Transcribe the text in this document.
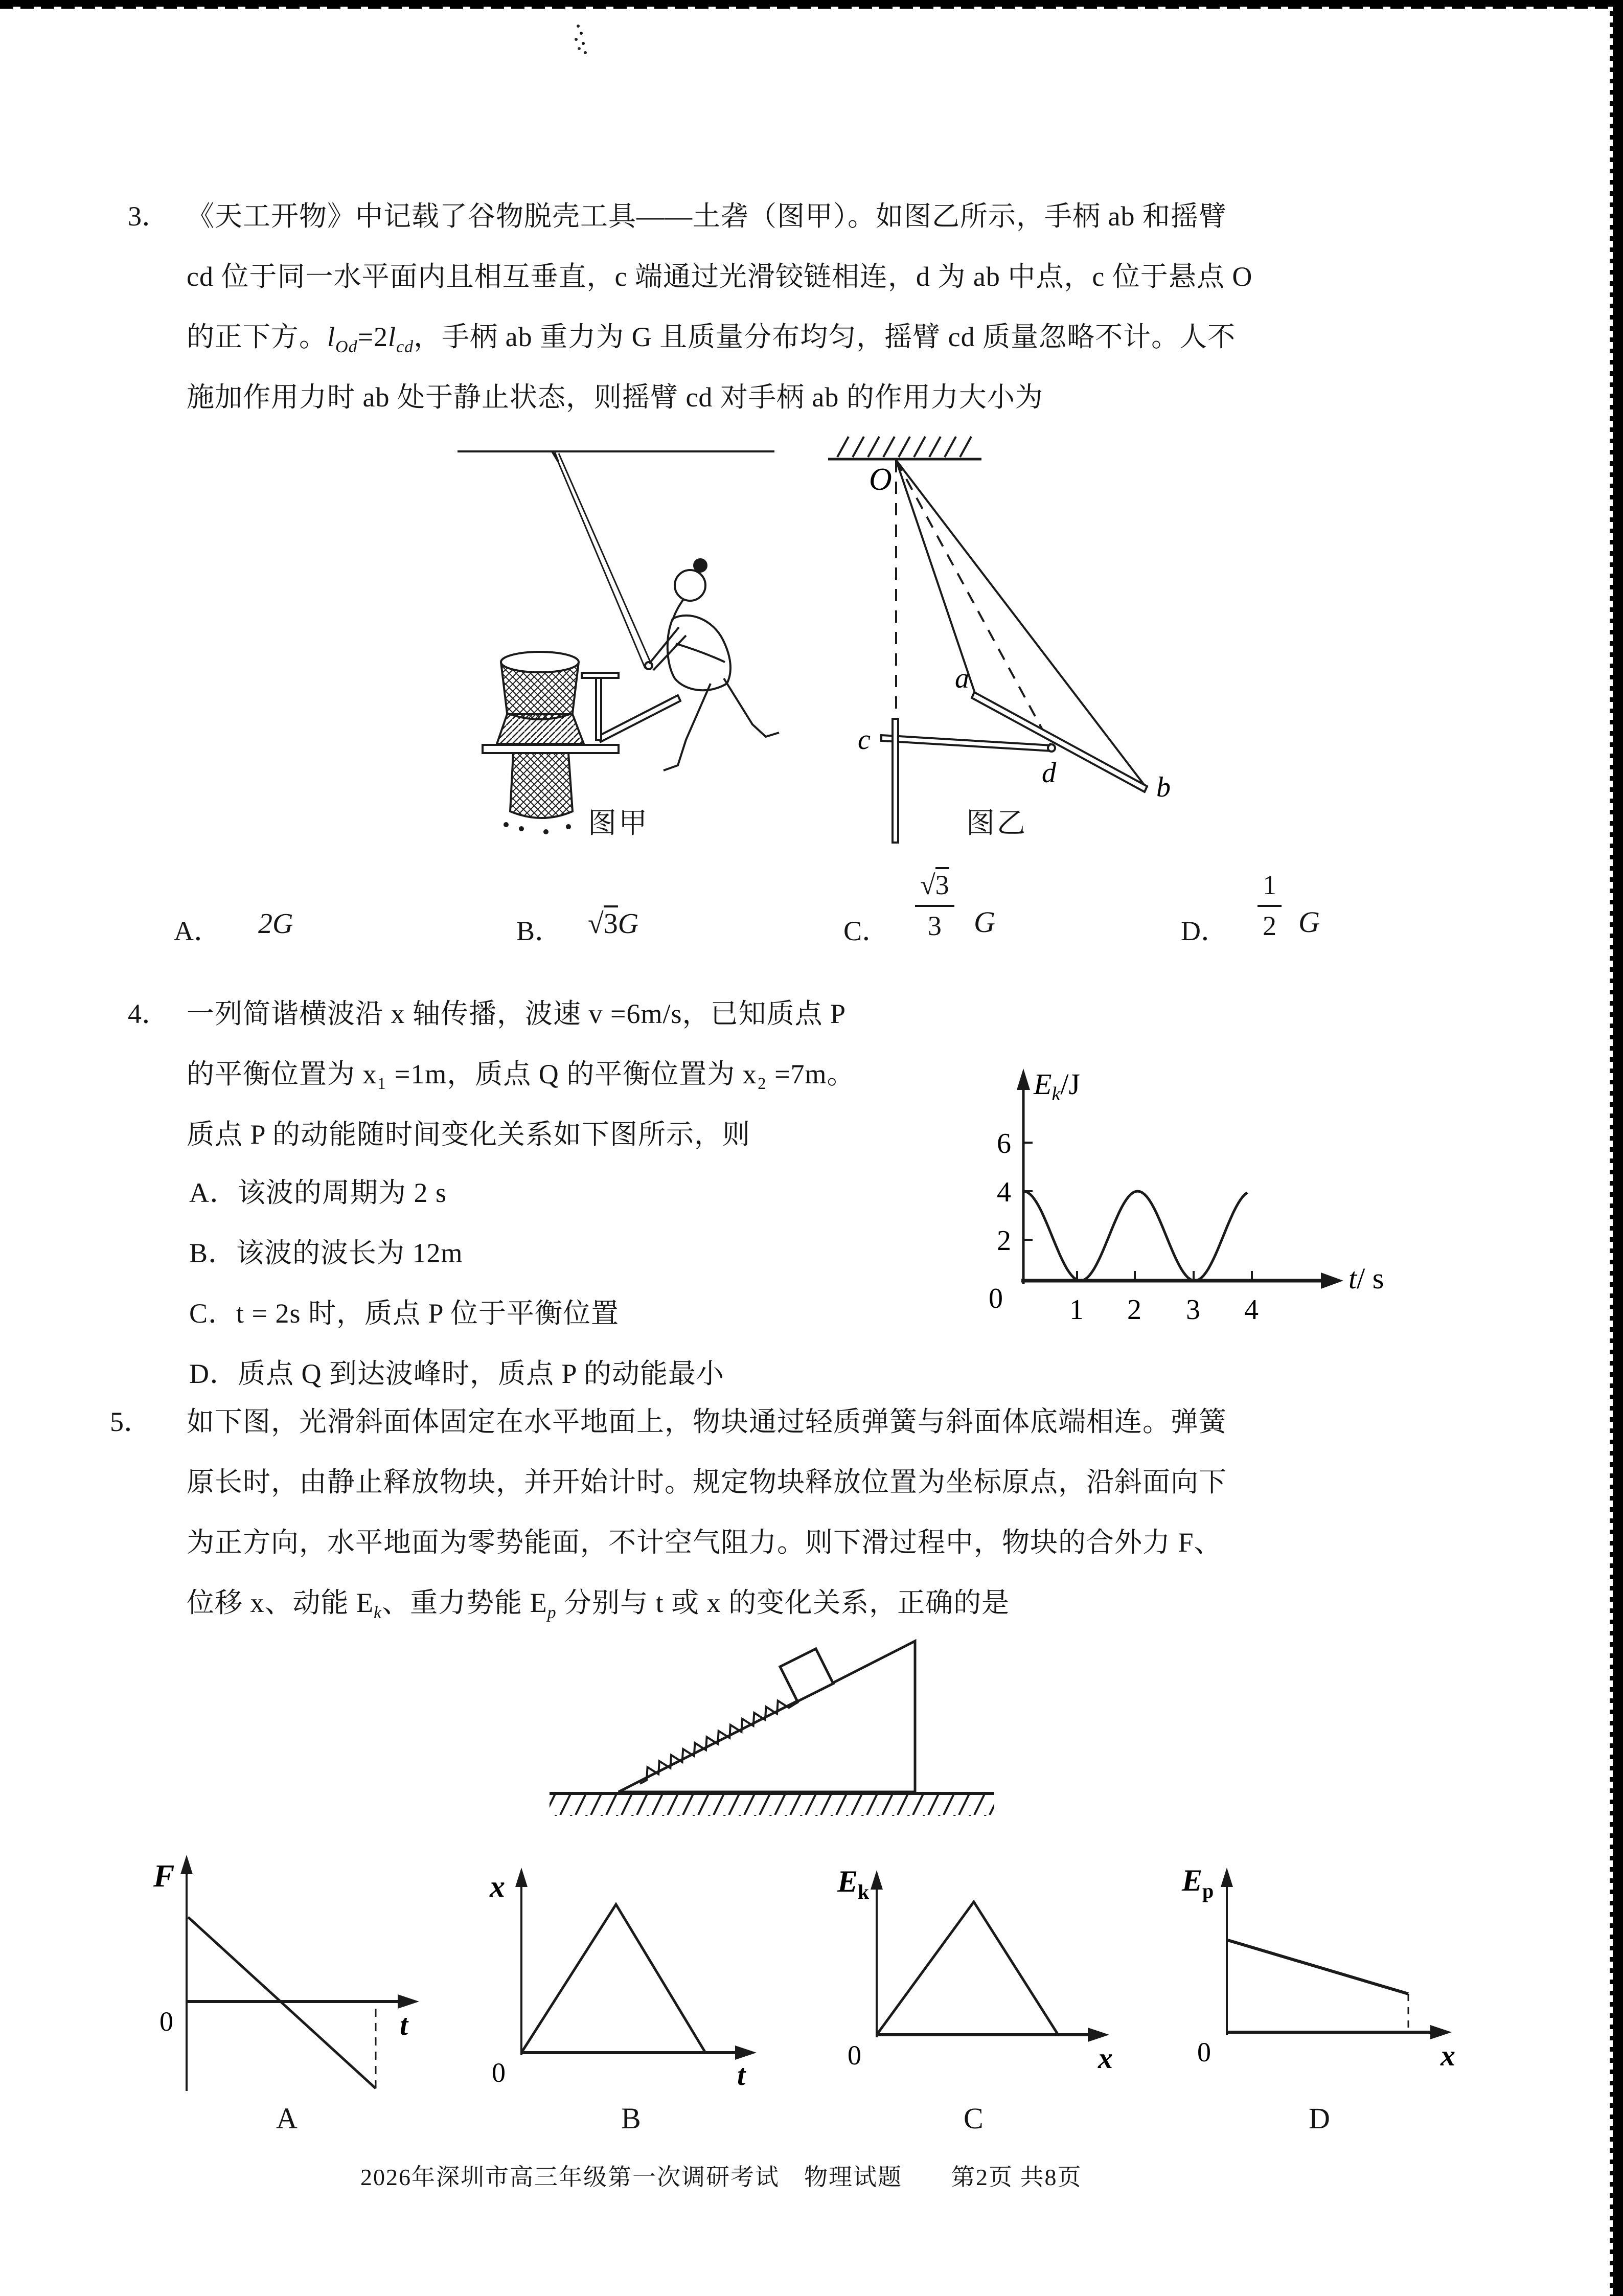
3． 《天工开物》中记载了谷物脱壳工具——土砻（图甲）。如图乙所示，手柄 ab 和摇臂
cd 位于同一水平面内且相互垂直，c 端通过光滑铰链相连，d 为 ab 中点，c 位于悬点 O
的正下方。$l_{Od}=2l_{cd}$，手柄 ab 重力为 G 且质量分布均匀，摇臂 cd 质量忽略不计。人不
施加作用力时 ab 处于静止状态，则摇臂 cd 对手柄 ab 的作用力大小为
O
a
b
c
d
图甲	图乙
A． 2G	B． √3G	C． $\frac{√3}{3}$ G	D． $\frac{1}{2}$ G
4． 一列简谐横波沿 x 轴传播，波速 v =6m/s，已知质点 P
的平衡位置为 x₁ =1m，质点 Q 的平衡位置为 x₂ =7m。
质点 P 的动能随时间变化关系如下图所示，则
A．该波的周期为 2 s
B．该波的波长为 12m
C．t = 2s 时，质点 P 位于平衡位置
D．质点 Q 到达波峰时，质点 P 的动能最小
6
4
2
0 1 2 3 4
$E_k/J$
t/ s
5． 如下图，光滑斜面体固定在水平地面上，物块通过轻质弹簧与斜面体底端相连。弹簧
原长时，由静止释放物块，并开始计时。规定物块释放位置为坐标原点，沿斜面向下
为正方向，水平地面为零势能面，不计空气阻力。则下滑过程中，物块的合外力 F、
位移 x、动能 $E_k$、重力势能 $E_p$ 分别与 t 或 x 的变化关系，正确的是
F
0	t
x
0	t
$E_k$
0	x
$E_p$
0	x
A	B	C	D
2026年深圳市高三年级第一次调研考试　物理试题　　第2页 共8页
